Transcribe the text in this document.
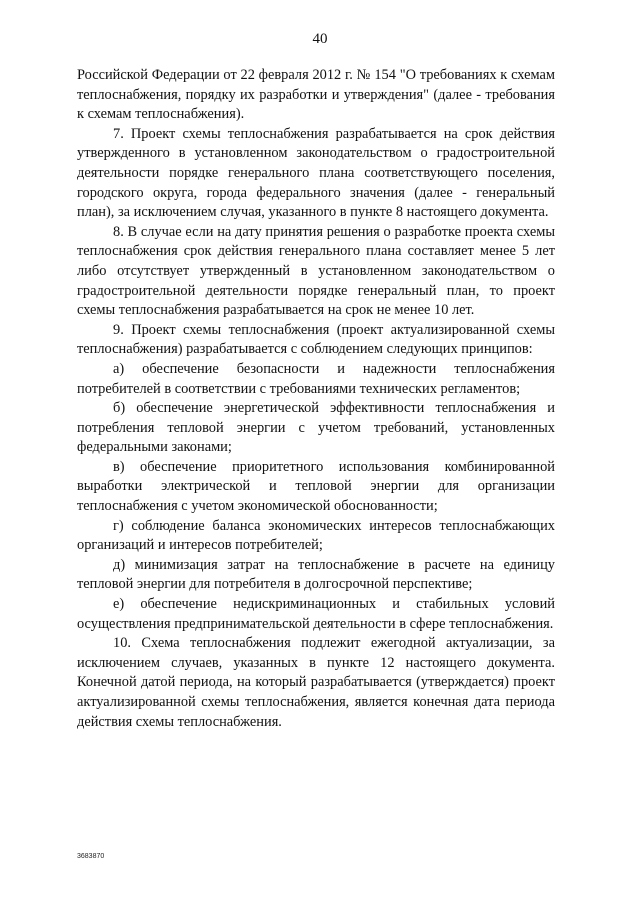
40

Российской Федерации от 22 февраля 2012 г. № 154 "О требованиях к схемам теплоснабжения, порядку их разработки и утверждения" (далее - требования к схемам теплоснабжения).

7. Проект схемы теплоснабжения разрабатывается на срок действия утвержденного в установленном законодательством о градостроительной деятельности порядке генерального плана соответствующего поселения, городского округа, города федерального значения (далее - генеральный план), за исключением случая, указанного в пункте 8 настоящего документа.

8. В случае если на дату принятия решения о разработке проекта схемы теплоснабжения срок действия генерального плана составляет менее 5 лет либо отсутствует утвержденный в установленном законодательством о градостроительной деятельности порядке генеральный план, то проект схемы теплоснабжения разрабатывается на срок не менее 10 лет.

9. Проект схемы теплоснабжения (проект актуализированной схемы теплоснабжения) разрабатывается с соблюдением следующих принципов:

а) обеспечение безопасности и надежности теплоснабжения потребителей в соответствии с требованиями технических регламентов;

б) обеспечение энергетической эффективности теплоснабжения и потребления тепловой энергии с учетом требований, установленных федеральными законами;

в) обеспечение приоритетного использования комбинированной выработки электрической и тепловой энергии для организации теплоснабжения с учетом экономической обоснованности;

г) соблюдение баланса экономических интересов теплоснабжающих организаций и интересов потребителей;

д) минимизация затрат на теплоснабжение в расчете на единицу тепловой энергии для потребителя в долгосрочной перспективе;

е) обеспечение недискриминационных и стабильных условий осуществления предпринимательской деятельности в сфере теплоснабжения.

10. Схема теплоснабжения подлежит ежегодной актуализации, за исключением случаев, указанных в пункте 12 настоящего документа. Конечной датой периода, на который разрабатывается (утверждается) проект актуализированной схемы теплоснабжения, является конечная дата периода действия схемы теплоснабжения.

3683870
